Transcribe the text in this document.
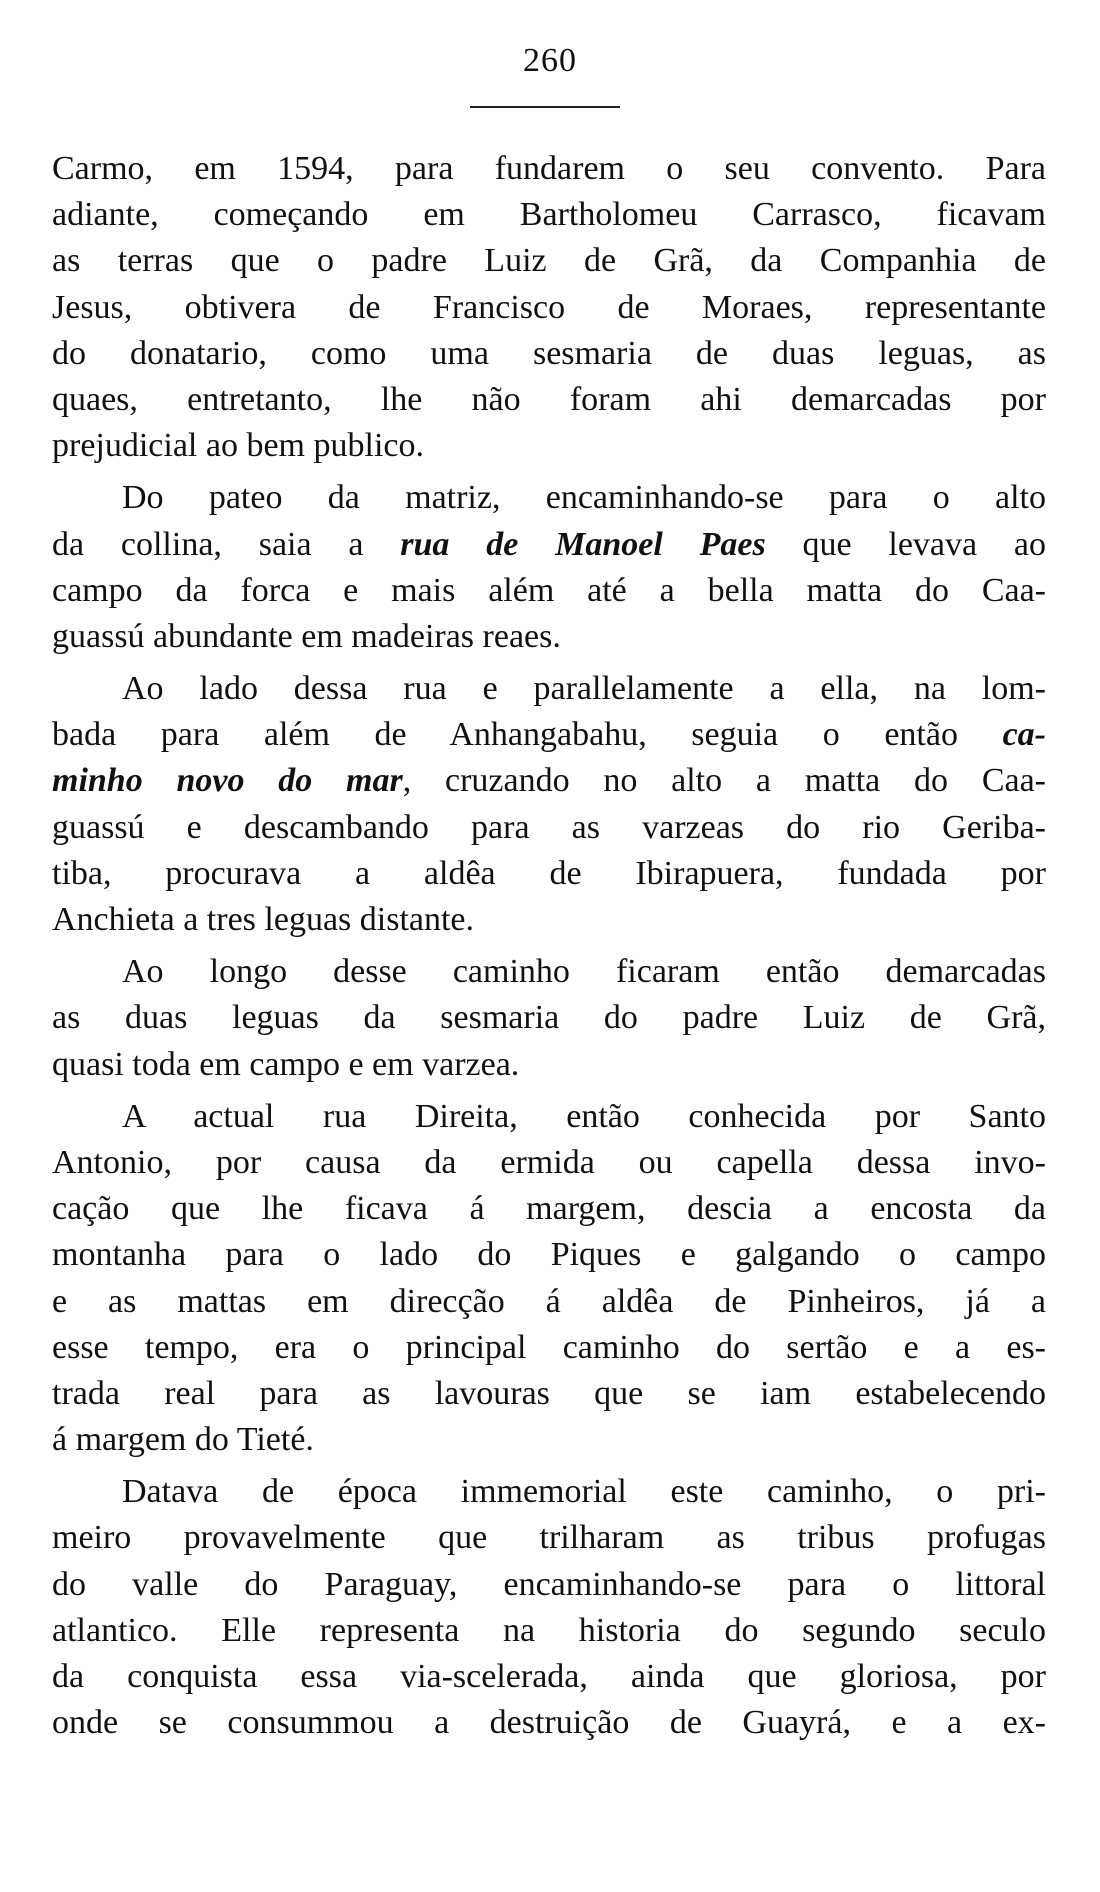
260
Carmo, em 1594, para fundarem o seu convento. Para
adiante, começando em Bartholomeu Carrasco, ficavam
as terras que o padre Luiz de Grã, da Companhia de
Jesus, obtivera de Francisco de Moraes, representante
do donatario, como uma sesmaria de duas leguas, as
quaes, entretanto, lhe não foram ahi demarcadas por
prejudicial ao bem publico.
Do pateo da matriz, encaminhando-se para o alto
da collina, saia a rua de Manoel Paes que levava ao
campo da forca e mais além até a bella matta do Caa-
guassú abundante em madeiras reaes.
Ao lado dessa rua e parallelamente a ella, na lom-
bada para além de Anhangabahu, seguia o então ca-
minho novo do mar, cruzando no alto a matta do Caa-
guassú e descambando para as varzeas do rio Geriba-
tiba, procurava a aldêa de Ibirapuera, fundada por
Anchieta a tres leguas distante.
Ao longo desse caminho ficaram então demarcadas
as duas leguas da sesmaria do padre Luiz de Grã,
quasi toda em campo e em varzea.
A actual rua Direita, então conhecida por Santo
Antonio, por causa da ermida ou capella dessa invo-
cação que lhe ficava á margem, descia a encosta da
montanha para o lado do Piques e galgando o campo
e as mattas em direcção á aldêa de Pinheiros, já a
esse tempo, era o principal caminho do sertão e a es-
trada real para as lavouras que se iam estabelecendo
á margem do Tieté.
Datava de época immemorial este caminho, o pri-
meiro provavelmente que trilharam as tribus profugas
do valle do Paraguay, encaminhando-se para o littoral
atlantico. Elle representa na historia do segundo seculo
da conquista essa via-scelerada, ainda que gloriosa, por
onde se consummou a destruição de Guayrá, e a ex-
